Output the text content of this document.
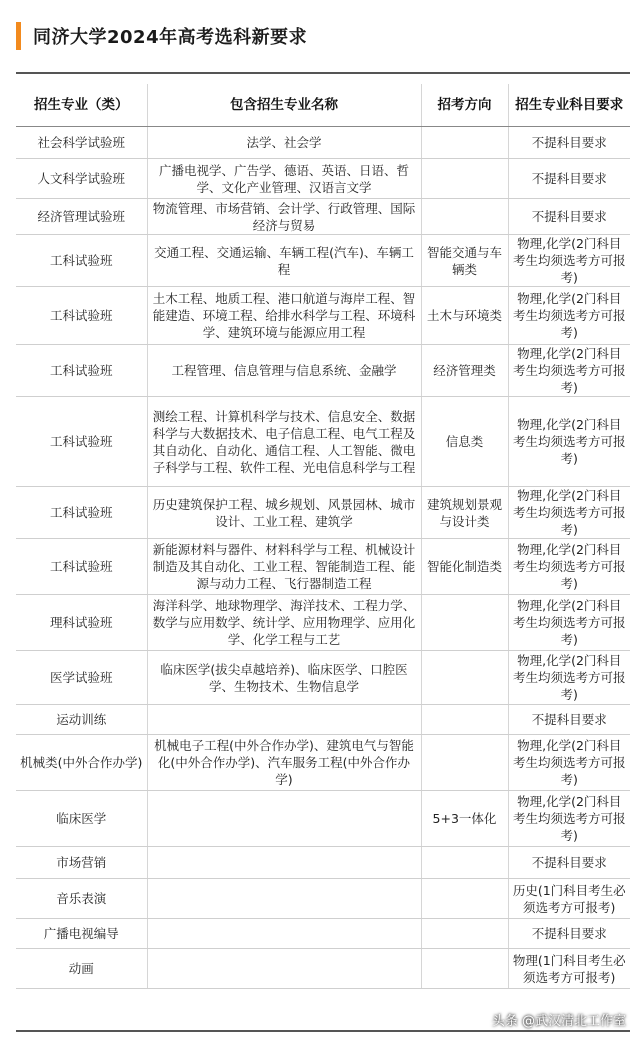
同济大学2024年高考选科新要求
招生专业（类）	包含招生专业名称	招考方向	招生专业科目要求
社会科学试验班	法学、社会学		不提科目要求
人文科学试验班	广播电视学、广告学、德语、英语、日语、哲学、文化产业管理、汉语言文学		不提科目要求
经济管理试验班	物流管理、市场营销、会计学、行政管理、国际经济与贸易		不提科目要求
工科试验班	交通工程、交通运输、车辆工程(汽车)、车辆工程	智能交通与车辆类	物理,化学(2门科目考生均须选考方可报考)
工科试验班	土木工程、地质工程、港口航道与海岸工程、智能建造、环境工程、给排水科学与工程、环境科学、建筑环境与能源应用工程	土木与环境类	物理,化学(2门科目考生均须选考方可报考)
工科试验班	工程管理、信息管理与信息系统、金融学	经济管理类	物理,化学(2门科目考生均须选考方可报考)
工科试验班	测绘工程、计算机科学与技术、信息安全、数据科学与大数据技术、电子信息工程、电气工程及其自动化、自动化、通信工程、人工智能、微电子科学与工程、软件工程、光电信息科学与工程	信息类	物理,化学(2门科目考生均须选考方可报考)
工科试验班	历史建筑保护工程、城乡规划、风景园林、城市设计、工业工程、建筑学	建筑规划景观与设计类	物理,化学(2门科目考生均须选考方可报考)
工科试验班	新能源材料与器件、材料科学与工程、机械设计制造及其自动化、工业工程、智能制造工程、能源与动力工程、飞行器制造工程	智能化制造类	物理,化学(2门科目考生均须选考方可报考)
理科试验班	海洋科学、地球物理学、海洋技术、工程力学、数学与应用数学、统计学、应用物理学、应用化学、化学工程与工艺		物理,化学(2门科目考生均须选考方可报考)
医学试验班	临床医学(拔尖卓越培养)、临床医学、口腔医学、生物技术、生物信息学		物理,化学(2门科目考生均须选考方可报考)
运动训练			不提科目要求
机械类(中外合作办学)	机械电子工程(中外合作办学)、建筑电气与智能化(中外合作办学)、汽车服务工程(中外合作办学)		物理,化学(2门科目考生均须选考方可报考)
临床医学		5+3一体化	物理,化学(2门科目考生均须选考方可报考)
市场营销			不提科目要求
音乐表演			历史(1门科目考生必须选考方可报考)
广播电视编导			不提科目要求
动画			物理(1门科目考生必须选考方可报考)
头条 @武汉清北工作室
